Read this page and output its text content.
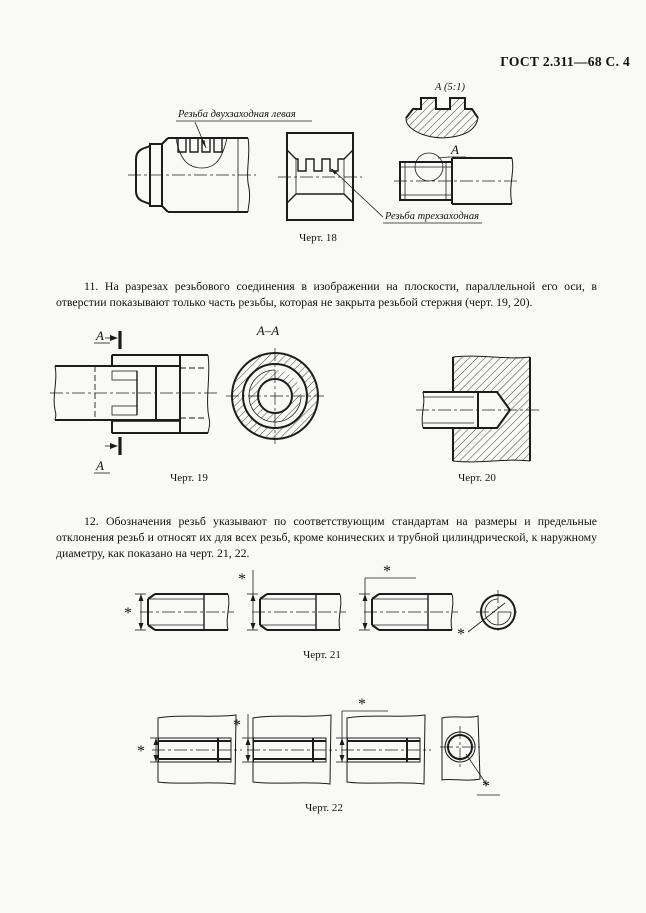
ГОСТ 2.311—68 С. 4
Резьба двухзаходная левая
Резьба трехзаходная
А (5:1)
А
Черт. 18

11. На разрезах резьбового соединения в изображении на плоскости, параллельной его оси, в отверстии показывают только часть резьбы, которая не закрыта резьбой стержня (черт. 19, 20).

А
А
А–А
Черт. 19	Черт. 20

12. Обозначения резьб указывают по соответствующим стандартам на размеры и предельные отклонения резьб и относят их для всех резьб, кроме конических и трубной цилиндрической, к наружному диаметру, как показано на черт. 21, 22.

*
*	*
*
Черт. 21
*
*
*
*
Черт. 22
